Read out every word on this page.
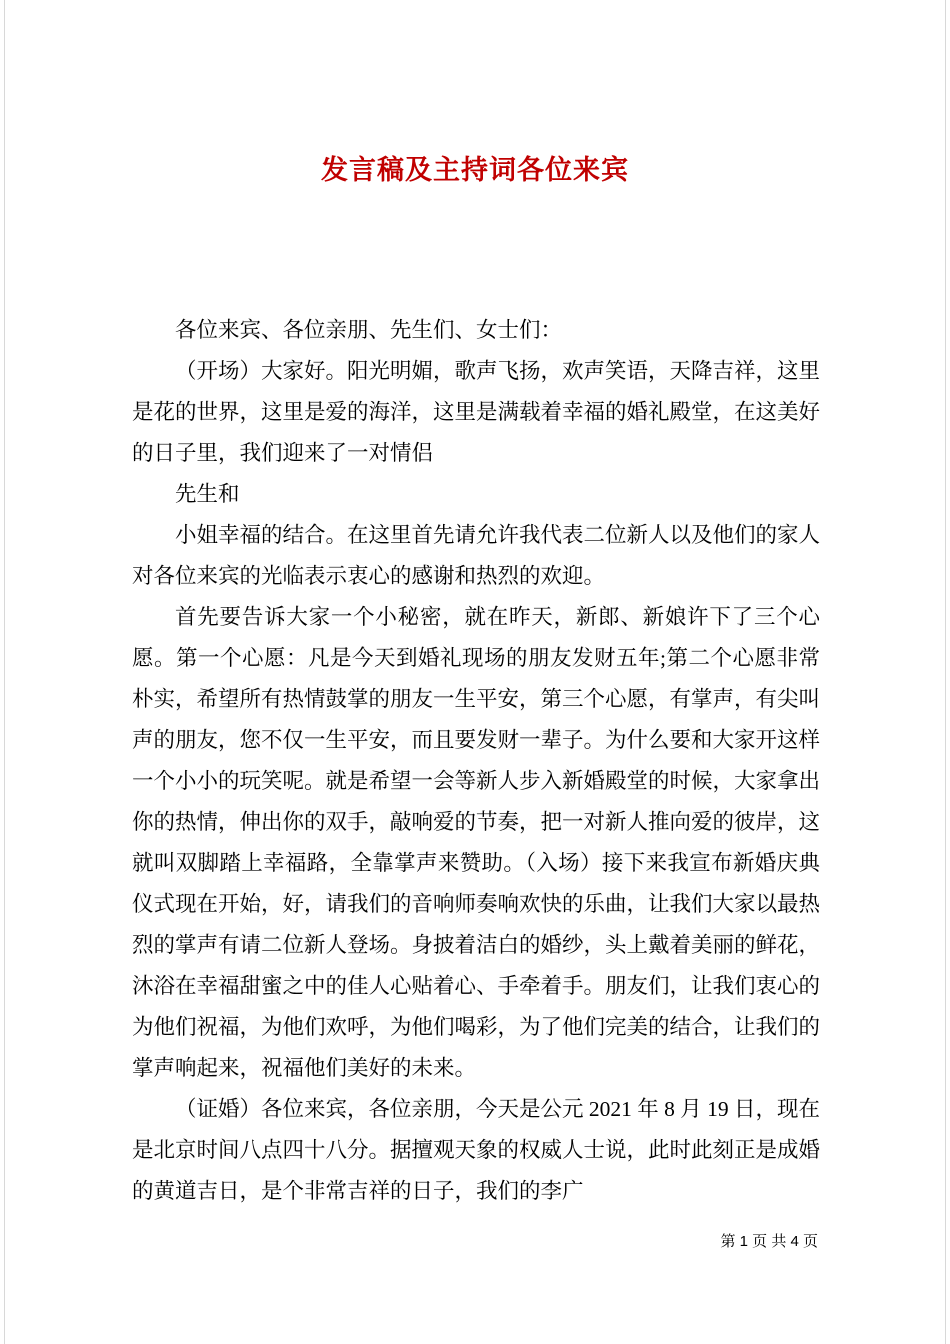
发言稿及主持词各位来宾

各位来宾、各位亲朋、先生们、女士们：

（开场）大家好。阳光明媚，歌声飞扬，欢声笑语，天降吉祥，这里是花的世界，这里是爱的海洋，这里是满载着幸福的婚礼殿堂，在这美好的日子里，我们迎来了一对情侣

先生和

小姐幸福的结合。在这里首先请允许我代表二位新人以及他们的家人对各位来宾的光临表示衷心的感谢和热烈的欢迎。

首先要告诉大家一个小秘密，就在昨天，新郎、新娘许下了三个心愿。第一个心愿：凡是今天到婚礼现场的朋友发财五年;第二个心愿非常朴实，希望所有热情鼓掌的朋友一生平安，第三个心愿，有掌声，有尖叫声的朋友，您不仅一生平安，而且要发财一辈子。为什么要和大家开这样一个小小的玩笑呢。就是希望一会等新人步入新婚殿堂的时候，大家拿出你的热情，伸出你的双手，敲响爱的节奏，把一对新人推向爱的彼岸，这就叫双脚踏上幸福路，全靠掌声来赞助。（入场）接下来我宣布新婚庆典仪式现在开始，好，请我们的音响师奏响欢快的乐曲，让我们大家以最热烈的掌声有请二位新人登场。身披着洁白的婚纱，头上戴着美丽的鲜花，沐浴在幸福甜蜜之中的佳人心贴着心、手牵着手。朋友们，让我们衷心的为他们祝福，为他们欢呼，为他们喝彩，为了他们完美的结合，让我们的掌声响起来，祝福他们美好的未来。

（证婚）各位来宾，各位亲朋，今天是公元 2021 年 8 月 19 日，现在是北京时间八点四十八分。据擅观天象的权威人士说，此时此刻正是成婚的黄道吉日，是个非常吉祥的日子，我们的李广

第 1 页 共 4 页
